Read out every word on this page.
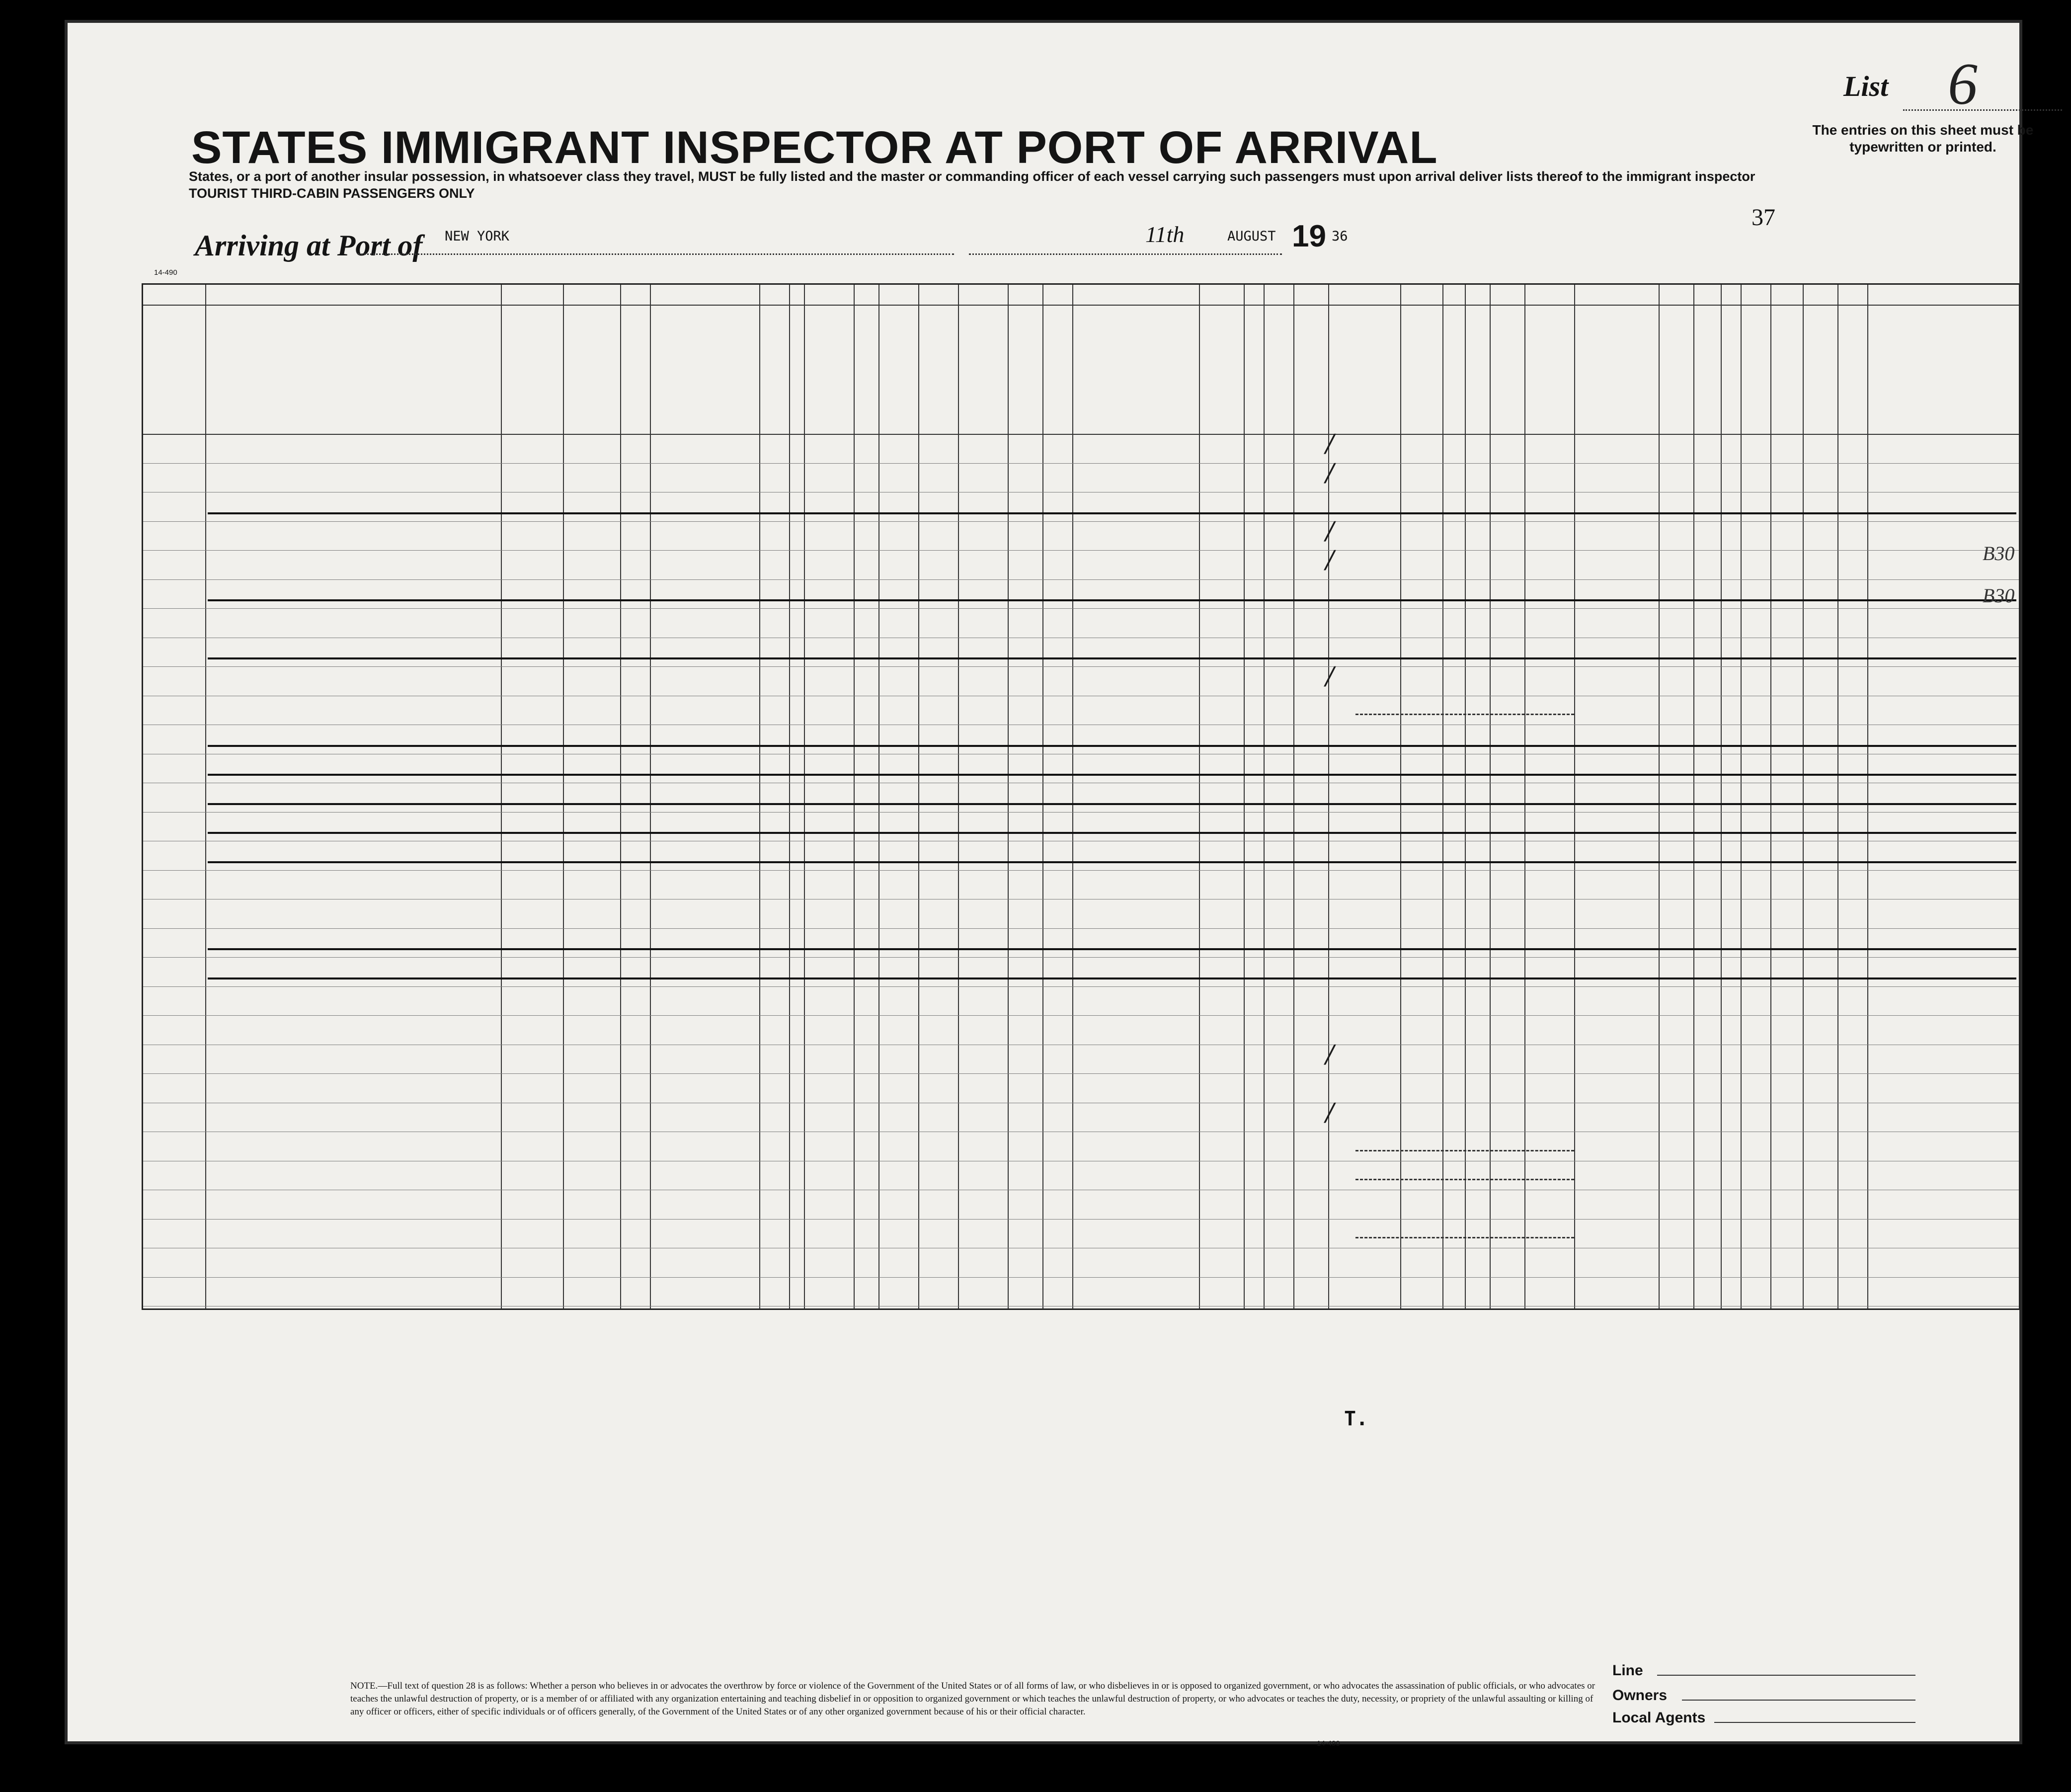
List 6
The entries on this sheet must be typewritten or printed.
STATES IMMIGRANT INSPECTOR AT PORT OF ARRIVAL
States, or a port of another insular possession, in whatsoever class they travel, MUST be fully listed and the master or commanding officer of each vessel carrying such passengers must upon arrival deliver lists thereof to the immigrant inspector
TOURIST THIRD-CABIN PASSENGERS ONLY
Arriving at Port of NEW YORK	11th	AUGUST 19 36
37
14-490
/
/
/
/
/
/
/
T.
NOTE.—Full text of question 28 is as follows: Whether a person who believes in or advocates the overthrow by force or violence of the Government of the United States or of all forms of law, or who disbelieves in or is opposed to organized government, or who advocates the assassination of public officials, or who advocates or teaches the unlawful destruction of property, or is a member of or affiliated with any organization entertaining and teaching disbelief in or opposition to organized government or which teaches the unlawful destruction of property, or who advocates or teaches the duty, necessity, or propriety of the unlawful assaulting or killing of any officer or officers, either of specific individuals or of officers generally, of the Government of the United States or of any other organized government because of his or their official character.
14-490
Line
Owners
Local Agents
B30
B30
